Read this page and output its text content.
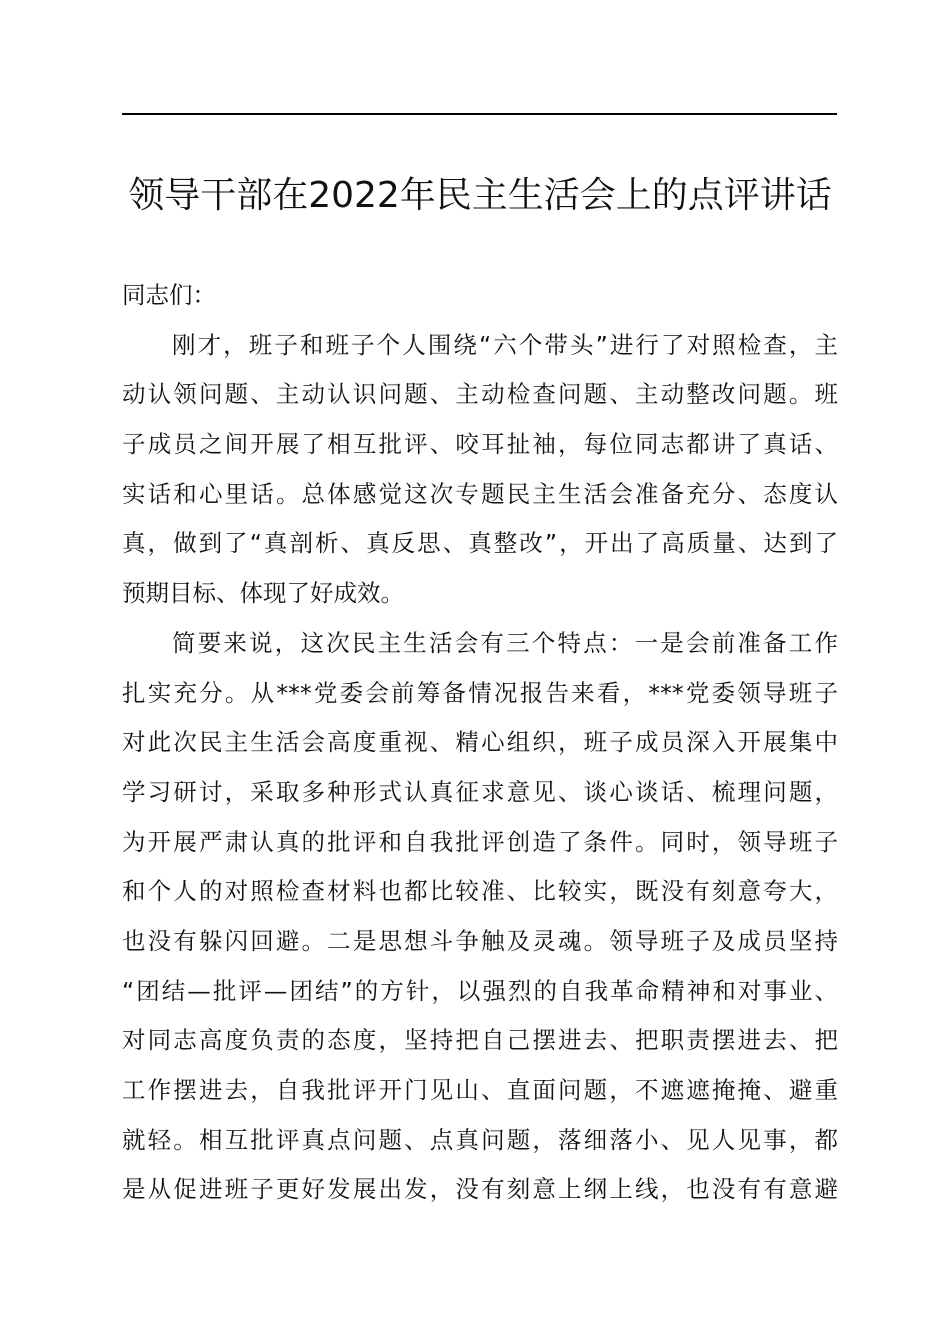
领导干部在2022年民主生活会上的点评讲话
同志们：
刚才，班子和班子个人围绕“六个带头”进行了对照检查，主
动认领问题、主动认识问题、主动检查问题、主动整改问题。班
子成员之间开展了相互批评、咬耳扯袖，每位同志都讲了真话、
实话和心里话。总体感觉这次专题民主生活会准备充分、态度认
真，做到了“真剖析、真反思、真整改”，开出了高质量、达到了
预期目标、体现了好成效。
简要来说，这次民主生活会有三个特点：一是会前准备工作
扎实充分。从***党委会前筹备情况报告来看，***党委领导班子
对此次民主生活会高度重视、精心组织，班子成员深入开展集中
学习研讨，采取多种形式认真征求意见、谈心谈话、梳理问题，
为开展严肃认真的批评和自我批评创造了条件。同时，领导班子
和个人的对照检查材料也都比较准、比较实，既没有刻意夸大，
也没有躲闪回避。二是思想斗争触及灵魂。领导班子及成员坚持
“团结—批评—团结”的方针，以强烈的自我革命精神和对事业、
对同志高度负责的态度，坚持把自己摆进去、把职责摆进去、把
工作摆进去，自我批评开门见山、直面问题，不遮遮掩掩、避重
就轻。相互批评真点问题、点真问题，落细落小、见人见事，都
是从促进班子更好发展出发，没有刻意上纲上线，也没有有意避
